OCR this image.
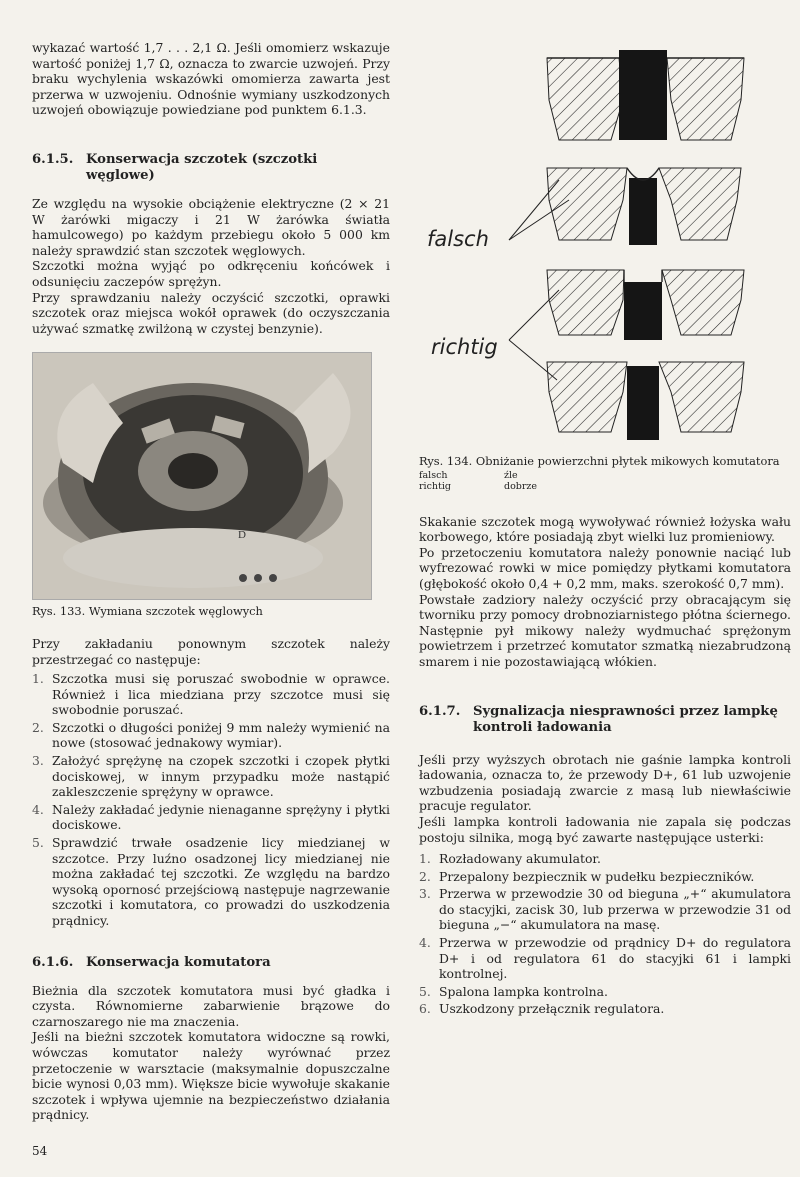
wykazać wartość 1,7 . . . 2,1 Ω. Jeśli omomierz wskazuje wartość poniżej 1,7 Ω, oznacza to zwarcie uzwojeń. Przy braku wychylenia wskazówki omomierza zawarta jest przerwa w uzwojeniu. Odnośnie wymiany uszkodzonych uzwojeń obowiązuje powiedziane pod punktem 6.1.3.

6.1.5. Konserwacja szczotek (szczotki węglowe)

Ze względu na wysokie obciążenie elektryczne (2 × 21 W żarówki migaczy i 21 W żarówka światła hamulcowego) po każdym przebiegu około 5 000 km należy sprawdzić stan szczotek węglowych.

Szczotki można wyjąć po odkręceniu końcówek i odsunięciu zaczepów sprężyn.

Przy sprawdzaniu należy oczyścić szczotki, oprawki szczotek oraz miejsca wokół oprawek (do oczyszczania używać szmatkę zwilżoną w czystej benzynie).

D
Rys. 133. Wymiana szczotek węglowych

Przy zakładaniu ponownym szczotek należy przestrzegać co następuje:

1. Szczotka musi się poruszać swobodnie w oprawce. Również i lica miedziana przy szczotce musi się swobodnie poruszać.
2. Szczotki o długości poniżej 9 mm należy wymienić na nowe (stosować jednakowy wymiar).
3. Założyć sprężynę na czopek szczotki i czopek płytki dociskowej, w innym przypadku może nastąpić zakleszczenie sprężyny w oprawce.
4. Należy zakładać jedynie nienaganne sprężyny i płytki dociskowe.
5. Sprawdzić trwałe osadzenie licy miedzianej w szczotce. Przy luźno osadzonej licy miedzianej nie można zakładać tej szczotki. Ze względu na bardzo wysoką opornosć przejściową następuje nagrzewanie szczotki i komutatora, co prowadzi do uszkodzenia prądnicy.
6.1.6. Konserwacja komutatora

Bieżnia dla szczotek komutatora musi być gładka i czysta. Równomierne zabarwienie brązowe do czarnoszarego nie ma znaczenia.

Jeśli na bieżni szczotek komutatora widoczne są rowki, wówczas komutator należy wyrównać przez przetoczenie w warsztacie (maksymalnie dopuszczalne bicie wynosi 0,03 mm). Większe bicie wywołuje skakanie szczotek i wpływa ujemnie na bezpieczeństwo działania prądnicy.

falsch
richtig
Rys. 134. Obniżanie powierzchni płytek mikowych komutatora
falsch
richtig
źle
dobrze

Skakanie szczotek mogą wywoływać również łożyska wału korbowego, które posiadają zbyt wielki luz promieniowy.

Po przetoczeniu komutatora należy ponownie naciąć lub wyfrezować rowki w mice pomiędzy płytkami komutatora (głębokość około 0,4 + 0,2 mm, maks. szerokość 0,7 mm).

Powstałe zadziory należy oczyścić przy obracającym się tworniku przy pomocy drobnoziarnistego płótna ściernego. Następnie pył mikowy należy wydmuchać sprężonym powietrzem i przetrzeć komutator szmatką niezabrudzoną smarem i nie pozostawiającą włókien.

6.1.7. Sygnalizacja niesprawności przez lampkę kontroli ładowania

Jeśli przy wyższych obrotach nie gaśnie lampka kontroli ładowania, oznacza to, że przewody D+, 61 lub uzwojenie wzbudzenia posiadają zwarcie z masą lub niewłaściwie pracuje regulator.

Jeśli lampka kontroli ładowania nie zapala się podczas postoju silnika, mogą być zawarte następujące usterki:

1. Rozładowany akumulator.
2. Przepalony bezpiecznik w pudełku bezpieczników.
3. Przerwa w przewodzie 30 od bieguna „+“ akumulatora do stacyjki, zacisk 30, lub przerwa w przewodzie 31 od bieguna „−“ akumulatora na masę.
4. Przerwa w przewodzie od prądnicy D+ do regulatora D+ i od regulatora 61 do stacyjki 61 i lampki kontrolnej.
5. Spalona lampka kontrolna.
6. Uszkodzony przełącznik regulatora.
54
